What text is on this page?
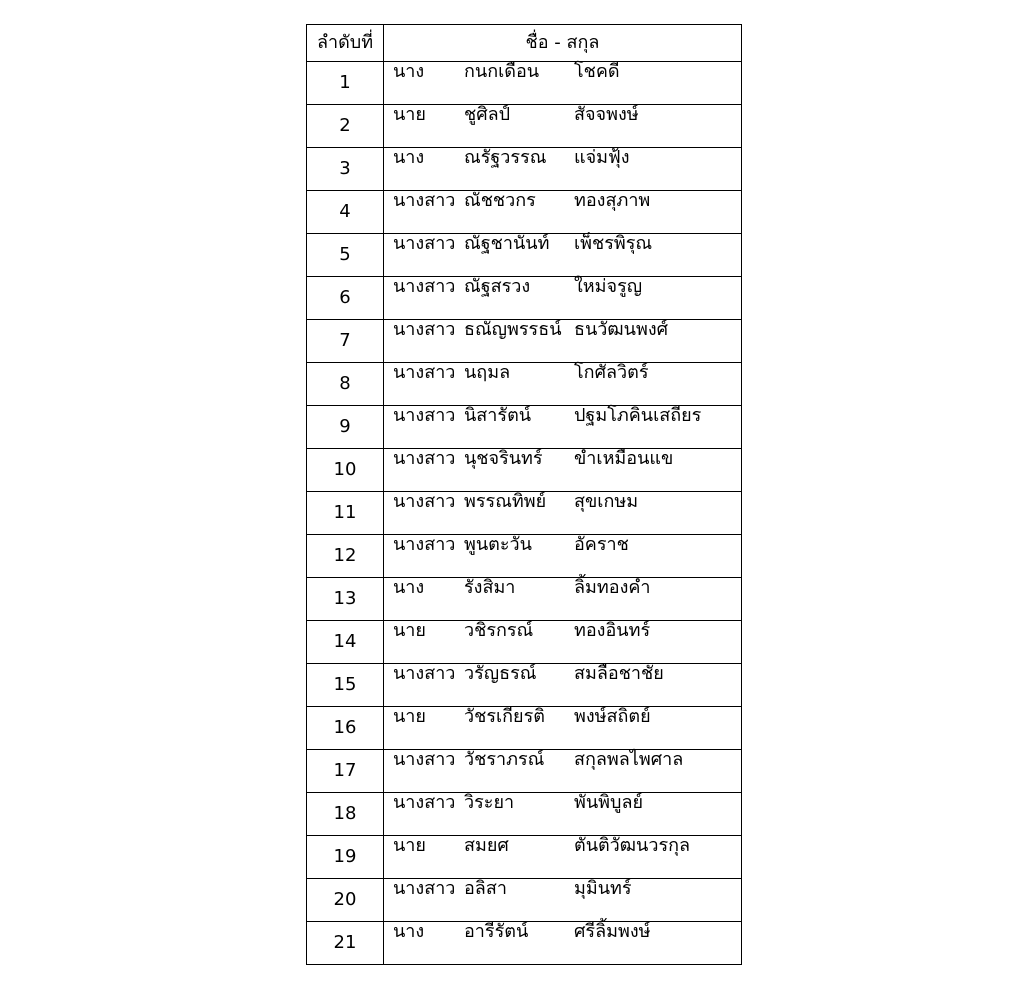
ลำดับที่	ชื่อ - สกุล
1	นาง กนกเดือน โชคดี

2	นาย ชูศิลป์ สัจจพงษ์

3	นาง ณรัฐวรรณ แจ่มฟุ้ง

4	นางสาว ณัชชวกร ทองสุภาพ

5	นางสาว ณัฐชานันท์ เพ็ชรพิรุณ

6	นางสาว ณัฐสรวง ใหม่จรูญ

7	นางสาว ธณัญพรรธน์ ธนวัฒนพงศ์

8	นางสาว นฤมล โกศัลวิตร์

9	นางสาว นิสารัตน์ ปฐมโภคินเสถียร

10	นางสาว นุชจรินทร์ ขำเหมือนแข

11	นางสาว พรรณทิพย์ สุขเกษม

12	นางสาว พูนตะวัน อัคราช

13	นาง รังสิมา ลิ้มทองคำ

14	นาย วชิรกรณ์ ทองอินทร์

15	นางสาว วรัญธรณ์ สมลือชาชัย

16	นาย วัชรเกียรติ พงษ์สถิตย์

17	นางสาว วัชราภรณ์ สกุลพลไพศาล

18	นางสาว วิระยา พันพิบูลย์

19	นาย สมยศ ตันติวัฒนวรกุล

20	นางสาว อลิสา มุมินทร์

21	นาง อารีรัตน์ ศรีลิ้มพงษ์
